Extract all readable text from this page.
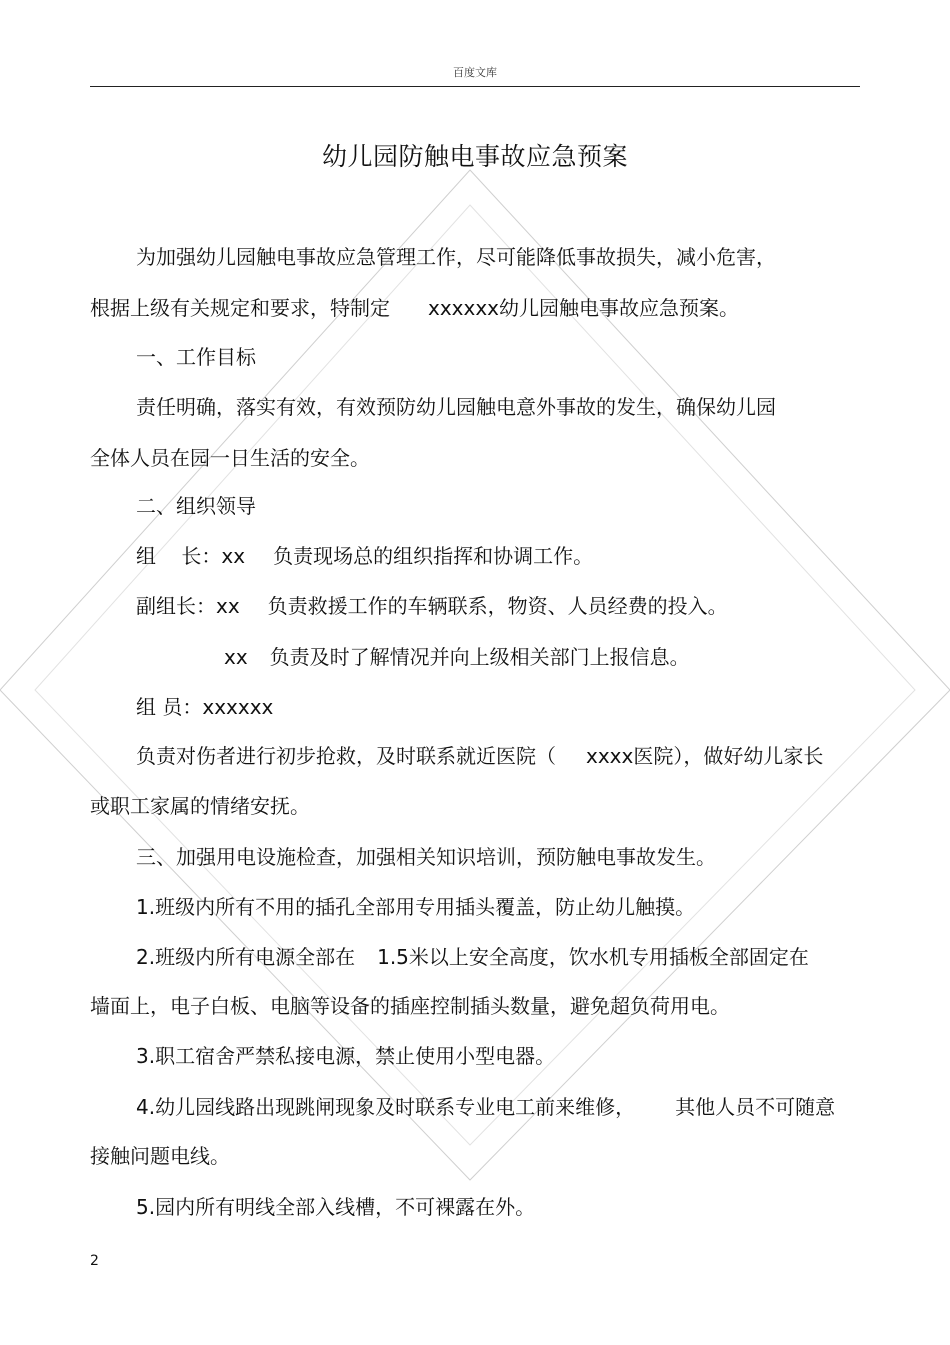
百度文库
幼儿园防触电事故应急预案
为加强幼儿园触电事故应急管理工作，尽可能降低事故损失，减小危害，
根据上级有关规定和要求，特制定 xxxxxx幼儿园触电事故应急预案。
一、工作目标
责任明确，落实有效，有效预防幼儿园触电意外事故的发生，确保幼儿园
全体人员在园一日生活的安全。
二、组织领导
组    长：xx 负责现场总的组织指挥和协调工作。
副组长：xx 负责救援工作的车辆联系，物资、人员经费的投入。
xx 负责及时了解情况并向上级相关部门上报信息。
组 员：xxxxxx
负责对伤者进行初步抢救，及时联系就近医院（ xxxx医院），做好幼儿家长
或职工家属的情绪安抚。
三、加强用电设施检查，加强相关知识培训，预防触电事故发生。
1.班级内所有不用的插孔全部用专用插头覆盖，防止幼儿触摸。
2.班级内所有电源全部在 1.5米以上安全高度，饮水机专用插板全部固定在
墙面上，电子白板、电脑等设备的插座控制插头数量，避免超负荷用电。
3.职工宿舍严禁私接电源，禁止使用小型电器。
4.幼儿园线路出现跳闸现象及时联系专业电工前来维修， 其他人员不可随意
接触问题电线。
5.园内所有明线全部入线槽，不可裸露在外。
2
